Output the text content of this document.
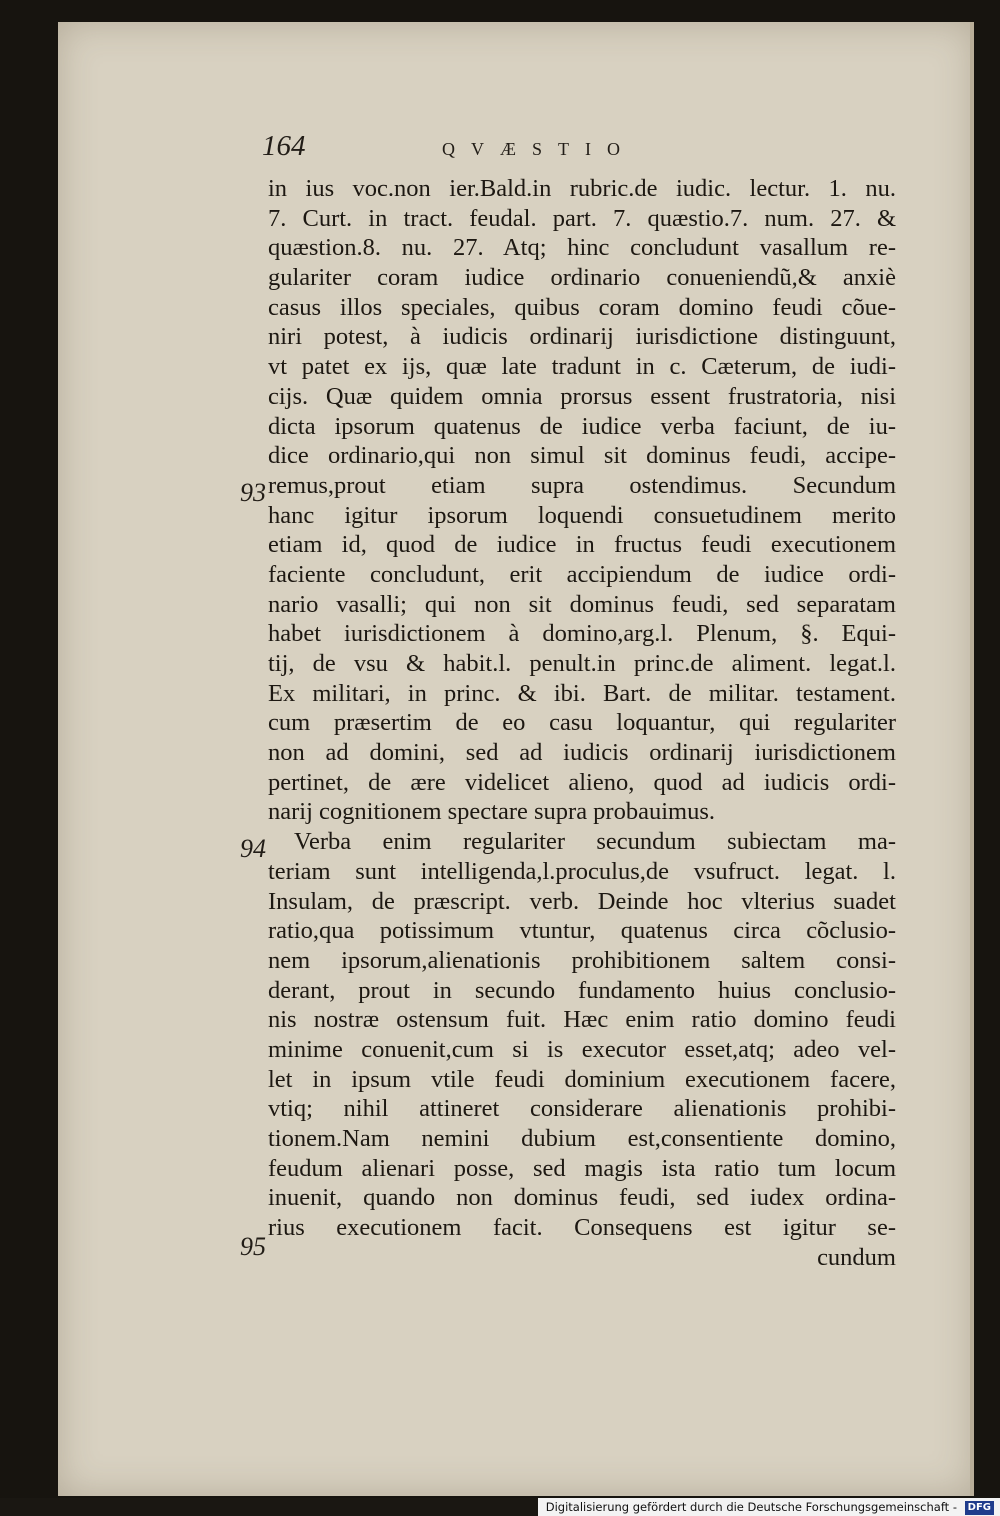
164	QVÆSTIO
93
94
95
in ius voc.non ier.Bald.in rubric.de iudic. lectur. 1. nu.
7. Curt. in tract. feudal. part. 7. quæstio.7. num. 27. &
quæstion.8. nu. 27. Atq; hinc concludunt vasallum re-
gulariter coram iudice ordinario conueniendũ,& anxiè
casus illos speciales, quibus coram domino feudi cõue-
niri potest, à iudicis ordinarij iurisdictione distinguunt,
vt patet ex ijs, quæ late tradunt in c. Cæterum, de iudi-
cijs. Quæ quidem omnia prorsus essent frustratoria, nisi
dicta ipsorum quatenus de iudice verba faciunt, de iu-
dice ordinario,qui non simul sit dominus feudi, accipe-
remus,prout etiam supra ostendimus. Secundum
hanc igitur ipsorum loquendi consuetudinem merito
etiam id, quod de iudice in fructus feudi executionem
faciente concludunt, erit accipiendum de iudice ordi-
nario vasalli; qui non sit dominus feudi, sed separatam
habet iurisdictionem à domino,arg.l. Plenum, §. Equi-
tij, de vsu & habit.l. penult.in princ.de aliment. legat.l.
Ex militari, in princ. & ibi. Bart. de militar. testament.
cum præsertim de eo casu loquantur, qui regulariter
non ad domini, sed ad iudicis ordinarij iurisdictionem
pertinet, de ære videlicet alieno, quod ad iudicis ordi-
narij cognitionem spectare supra probauimus.
Verba enim regulariter secundum subiectam ma-
teriam sunt intelligenda,l.proculus,de vsufruct. legat. l.
Insulam, de præscript. verb. Deinde hoc vlterius suadet
ratio,qua potissimum vtuntur, quatenus circa cõclusio-
nem ipsorum,alienationis prohibitionem saltem consi-
derant, prout in secundo fundamento huius conclusio-
nis nostræ ostensum fuit. Hæc enim ratio domino feudi
minime conuenit,cum si is executor esset,atq; adeo vel-
let in ipsum vtile feudi dominium executionem facere,
vtiq; nihil attineret considerare alienationis prohibi-
tionem.Nam nemini dubium est,consentiente domino,
feudum alienari posse, sed magis ista ratio tum locum
inuenit, quando non dominus feudi, sed iudex ordina-
rius executionem facit. Consequens est igitur se-
cundum
Digitalisierung gefördert durch die Deutsche Forschungsgemeinschaft - DFG
